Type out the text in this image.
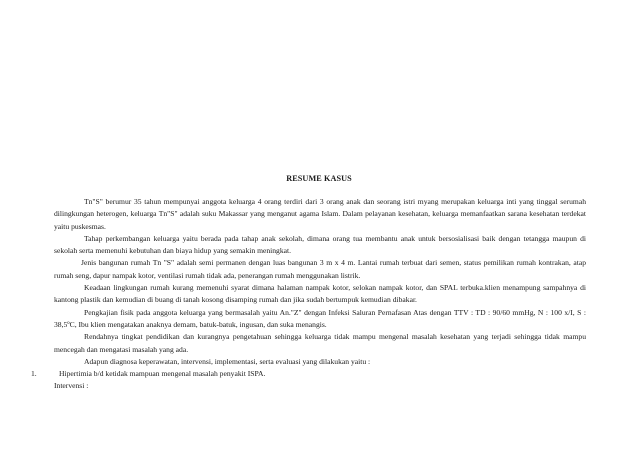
RESUME KASUS

Tn"S" berumur 35 tahun mempunyai anggota keluarga 4 orang terdiri dari 3 orang anak dan seorang istri myang merupakan keluarga inti yang tinggal serumah dilingkungan heterogen, keluarga Tn"S" adalah suku Makassar yang menganut agama Islam. Dalam pelayanan kesehatan, keluarga memanfaatkan sarana kesehatan terdekat yaitu puskesmas.

Tahap perkembangan keluarga yaitu berada pada tahap anak sekolah, dimana orang tua membantu anak untuk bersosialisasi baik dengan tetangga maupun di sekolah serta memenuhi kebutuhan dan biaya hidup yang semakin meningkat.

Jenis bangunan rumah Tn "S" adalah semi permanen dengan luas bangunan 3 m x 4 m. Lantai rumah terbuat dari semen, status pemilikan rumah kontrakan, atap rumah seng, dapur nampak kotor, ventilasi rumah tidak ada, penerangan rumah menggunakan listrik.

Keadaan lingkungan rumah kurang memenuhi syarat dimana halaman nampak kotor, selokan nampak kotor, dan SPAL terbuka.klien menampung sampahnya di kantong plastik dan kemudian di buang di tanah kosong disamping rumah dan jika sudah bertumpuk kemudian dibakar.

Pengkajian fisik pada anggota keluarga yang bermasalah yaitu An."Z" dengan Infeksi Saluran Pernafasan Atas dengan TTV : TD : 90/60 mmHg, N : 100 x/I, S : 38,5ºC, Ibu klien mengatakan anaknya demam, batuk-batuk, ingusan, dan suka menangis.

Rendahnya tingkat pendidikan dan kurangnya pengetahuan sehingga keluarga tidak mampu mengenal masalah kesehatan yang terjadi sehingga tidak mampu mencegah dan mengatasi masalah yang ada.

Adapun diagnosa keperawatan, intervensi, implementasi, serta evaluasi yang dilakukan yaitu :

1.	Hipertimia b/d ketidak mampuan mengenal masalah penyakit ISPA.

Intervensi :
